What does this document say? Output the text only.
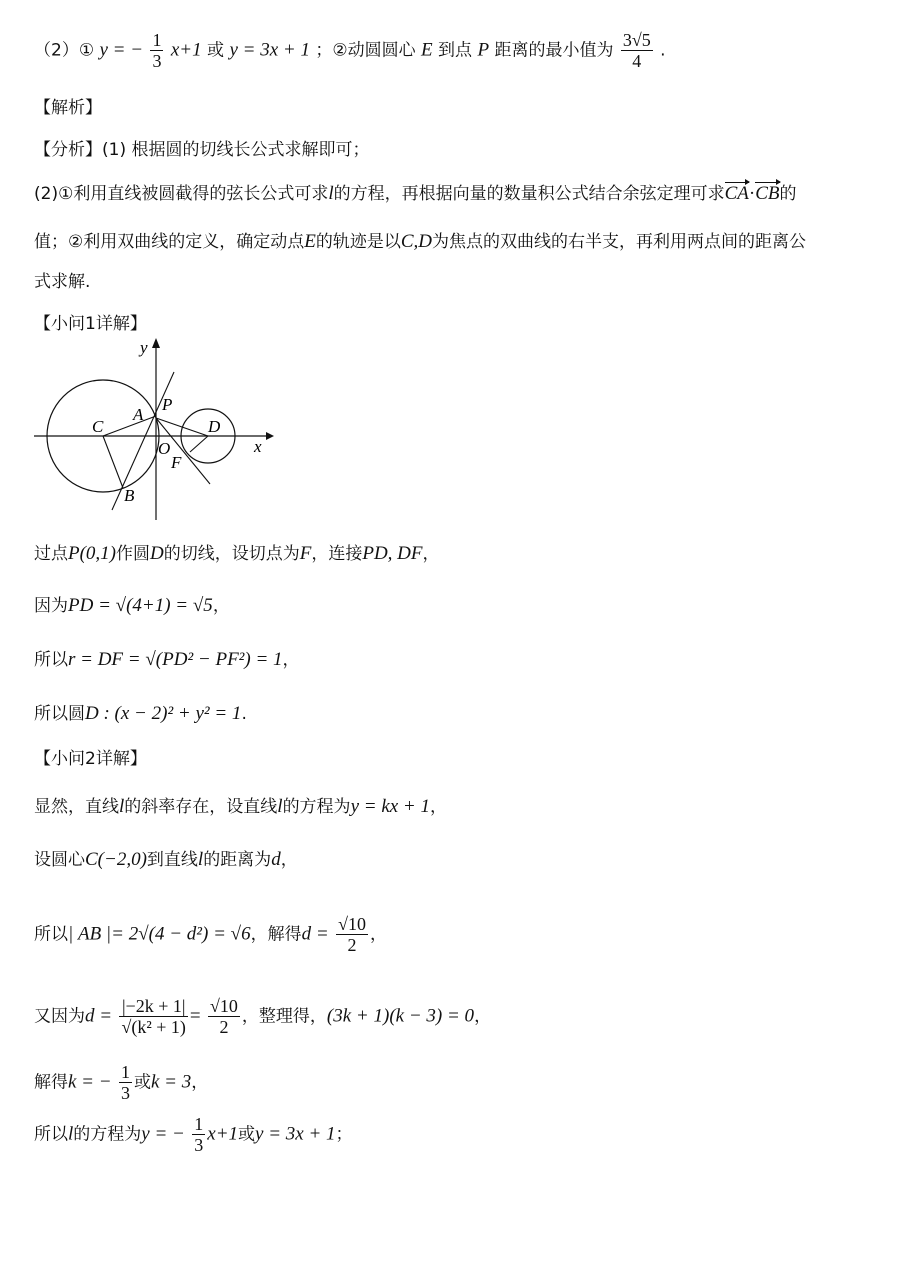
（2）① y = − $\frac{1}{3} x+1$ 或 y = 3x + 1 ；②动圆圆心 E 到点 P 距离的最小值为 $\frac{3√5}{4}$ .
【解析】
【分析】(1) 根据圆的切线长公式求解即可；
(2)①利用直线被圆截得的弦长公式可求l的方程，再根据向量的数量积公式结合余弦定理可求CA·CB的
值；②利用双曲线的定义，确定动点E的轨迹是以C,D为焦点的双曲线的右半支，再利用两点间的距离公
式求解.
【小问1详解】
y
x
C
A
P
D
O
F
B
过点P(0,1)作圆D的切线，设切点为F，连接PD, DF，
因为PD = √(4+1) = √5，
所以r = DF = √(PD² − PF²) = 1，
所以圆D : (x − 2)² + y² = 1.
【小问2详解】
显然，直线l的斜率存在，设直线l的方程为y = kx + 1，
设圆心C(−2,0)到直线l的距离为d，
所以| AB |= 2√(4 − d²) = √6，解得$d = \frac{√10}{2}$ ，
又因为$d = \frac{|-2k + 1|}{\text{√(k² + 1)}} = \frac{√10}{2}$ ，整理得，(3k + 1)(k − 3) = 0，
解得k = − $\frac{1}{3}$ 或k = 3，
所以l的方程为y = − $\frac{1}{3} x+1$或y = 3x + 1；
